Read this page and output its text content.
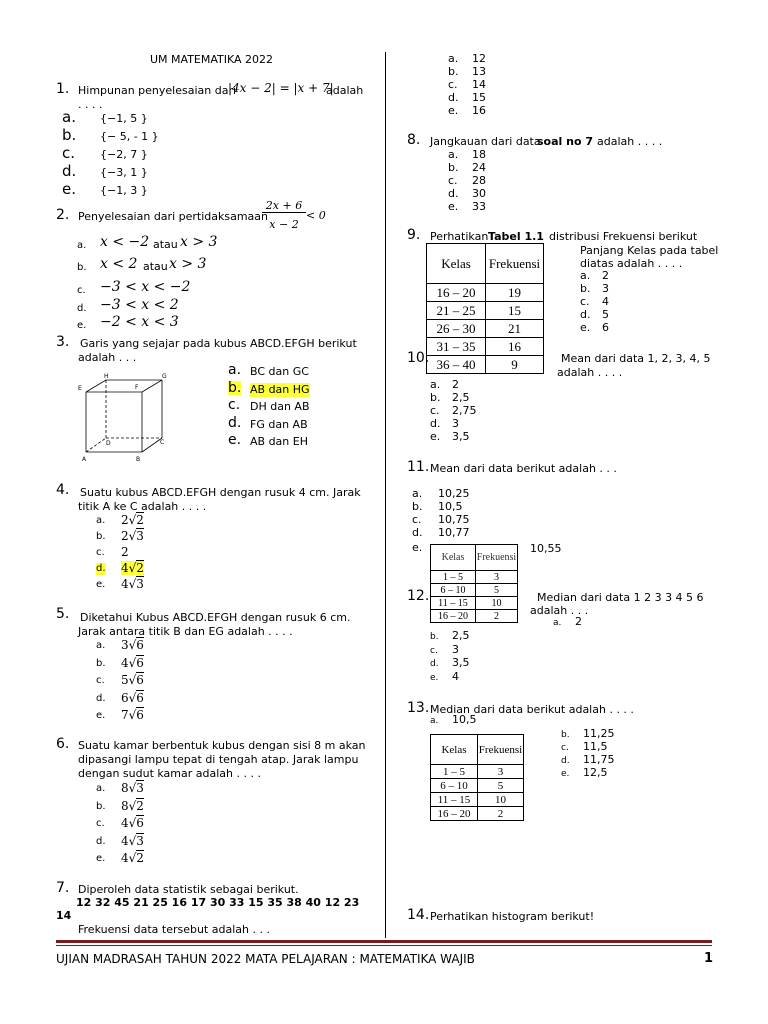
UM MATEMATIKA 2022
1. Himpunan penyelesaian dari
|4x − 2| = |x + 7|
adalah
. . . .
a. {−1, 5 }
b. {− 5, - 1 }
c. {−2, 7 }
d. {−3, 1 }
e. {−1, 3 }
2. Penyelesaian dari pertidaksamaan
2x + 6
x − 2
< 0
a. x < −2 atau x > 3
b. x < 2 atau x > 3
c. −3 < x < −2
d. −3 < x < 2
e. −2 < x < 3
3. Garis yang sejajar pada kubus ABCD.EFGH berikut
adalah . . .
H	G
E	F
D	C
A	B
a. BC dan GC
b. AB dan HG
c. DH dan AB
d. FG dan AB
e. AB dan EH
4. Suatu kubus ABCD.EFGH dengan rusuk 4 cm. Jarak
titik A ke C adalah . . . .
a. 2√2
b. 2√3
c. 2
d. 4√2
e. 4√3
5. Diketahui Kubus ABCD.EFGH dengan rusuk 6 cm.
Jarak antara titik B dan EG adalah . . . .
a. 3√6
b. 4√6
c. 5√6
d. 6√6
e. 7√6
6. Suatu kamar berbentuk kubus dengan sisi 8 m akan
dipasangi lampu tepat di tengah atap. Jarak lampu
dengan sudut kamar adalah . . . .
a. 8√3
b. 8√2
c. 4√6
d. 4√3
e. 4√2
7. Diperoleh data statistik sebagai berikut.
12 32 45 21 25 16 17 30 33 15 35 38 40 12 23
14
Frekuensi data tersebut adalah . . .
a. 12
b. 13
c. 14
d. 15
e. 16
8. Jangkauan dari data
soal no 7 adalah . . . .
a. 18
b. 24
c. 28
d. 30
e. 33
9. Perhatikan Tabel 1.1 distribusi Frekuensi berikut
Kelas	Frekuensi
16 – 20	19
21 – 25	15
26 – 30	21
31 – 35	16
36 – 40	9
Panjang Kelas pada tabel
diatas adalah . . . .
a. 2
b. 3
c. 4
d. 5
e. 6
10.	Mean dari data 1, 2, 3, 4, 5
adalah . . . .
a. 2
b. 2,5
c. 2,75
d. 3
e. 3,5
11. Mean dari data berikut adalah . . .
a. 10,25
b. 10,5
c. 10,75
d. 10,77
e.	10,55
Kelas	Frekuensi
1 – 5	3
6 – 10	5
11 – 15	10
16 – 20	2
12.	Median dari data 1 2 3 3 4 5 6
adalah . . .
a. 2
b. 2,5
c. 3
d. 3,5
e. 4
13. Median dari data berikut adalah . . . .
a. 10,5
b. 11,25
c. 11,5
d. 11,75
e. 12,5
Kelas	Frekuensi
1 – 5	3
6 – 10	5
11 – 15	10
16 – 20	2
14. Perhatikan histogram berikut!
UJIAN MADRASAH TAHUN 2022 MATA PELAJARAN : MATEMATIKA WAJIB	1
